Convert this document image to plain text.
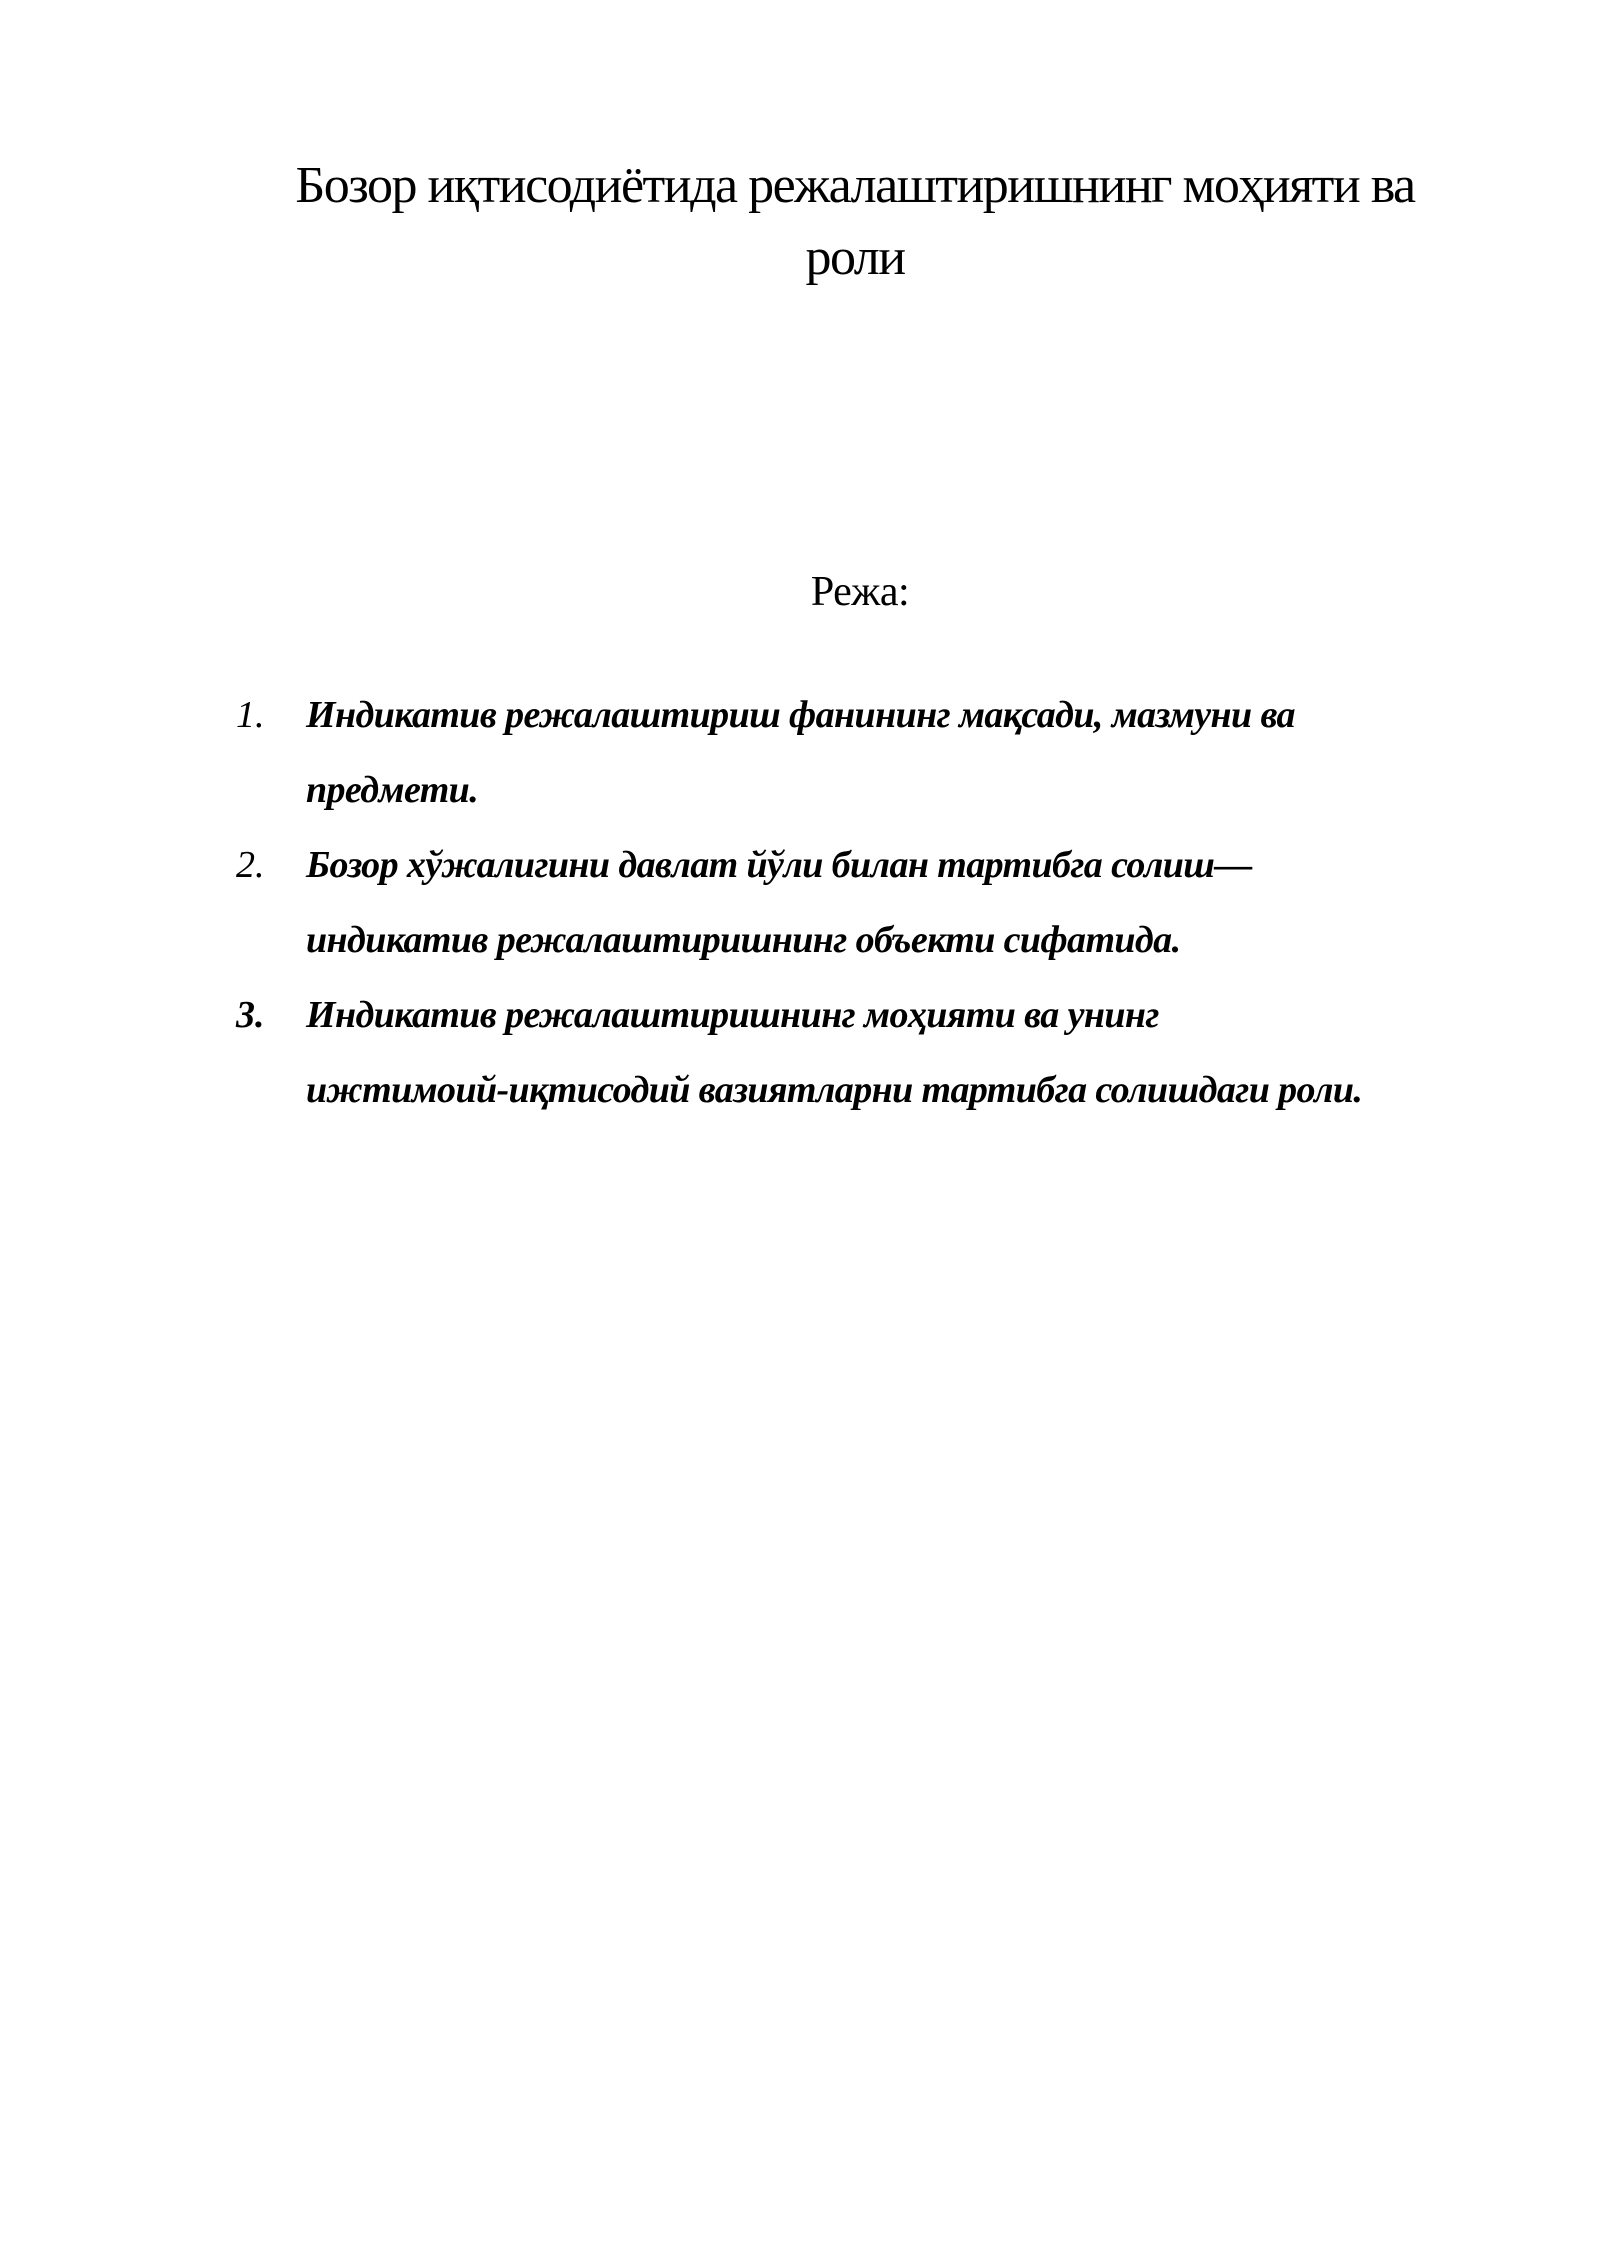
Бозор иқтисодиётида режалаштиришнинг моҳияти ва
роли
Режа:
1.	Индикатив режалаштириш фанининг мақсади, мазмуни ва
предмети.
2.	Бозор хўжалигини давлат йўли билан тартибга солиш—
индикатив режалаштиришнинг объекти сифатида.
3.	Индикатив режалаштиришнинг моҳияти ва унинг
ижтимоий-иқтисодий вазиятларни тартибга солишдаги роли.
